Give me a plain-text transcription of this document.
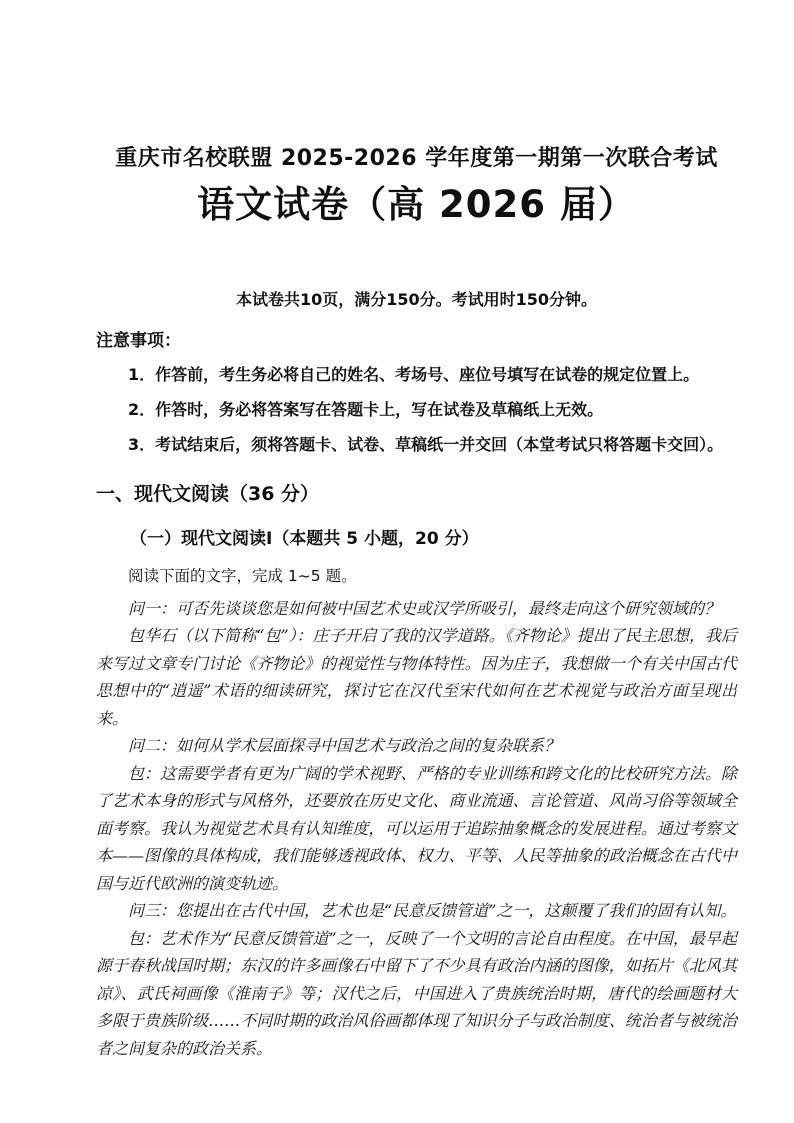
重庆市名校联盟 2025-2026 学年度第一期第一次联合考试
语文试卷（高 2026 届）
本试卷共10页，满分150分。考试用时150分钟。
注意事项：
1．作答前，考生务必将自己的姓名、考场号、座位号填写在试卷的规定位置上。
2．作答时，务必将答案写在答题卡上，写在试卷及草稿纸上无效。
3．考试结束后，须将答题卡、试卷、草稿纸一并交回（本堂考试只将答题卡交回）。
一、现代文阅读（36 分）
（一）现代文阅读Ⅰ（本题共 5 小题，20 分）
阅读下面的文字，完成 1~5 题。

问一：可否先谈谈您是如何被中国艺术史或汉学所吸引，最终走向这个研究领域的？

包华石（以下简称“包”）：庄子开启了我的汉学道路。《齐物论》提出了民主思想，我后来写过文章专门讨论《齐物论》的视觉性与物体特性。因为庄子，我想做一个有关中国古代思想中的“逍遥”术语的细读研究，探讨它在汉代至宋代如何在艺术视觉与政治方面呈现出来。

问二：如何从学术层面探寻中国艺术与政治之间的复杂联系？

包：这需要学者有更为广阔的学术视野、严格的专业训练和跨文化的比校研究方法。除了艺术本身的形式与风格外，还要放在历史文化、商业流通、言论管道、风尚习俗等领域全面考察。我认为视觉艺术具有认知维度，可以运用于追踪抽象概念的发展进程。通过考察文本——图像的具体构成，我们能够透视政体、权力、平等、人民等抽象的政治概念在古代中国与近代欧洲的演变轨迹。

问三：您提出在古代中国，艺术也是“民意反馈管道”之一，这颠覆了我们的固有认知。

包：艺术作为“民意反馈管道”之一，反映了一个文明的言论自由程度。在中国，最早起源于春秋战国时期；东汉的许多画像石中留下了不少具有政治内涵的图像，如拓片《北风其凉》、武氏祠画像《淮南子》等；汉代之后，中国进入了贵族统治时期，唐代的绘画题材大多限于贵族阶级……不同时期的政治风俗画都体现了知识分子与政治制度、统治者与被统治者之间复杂的政治关系。
